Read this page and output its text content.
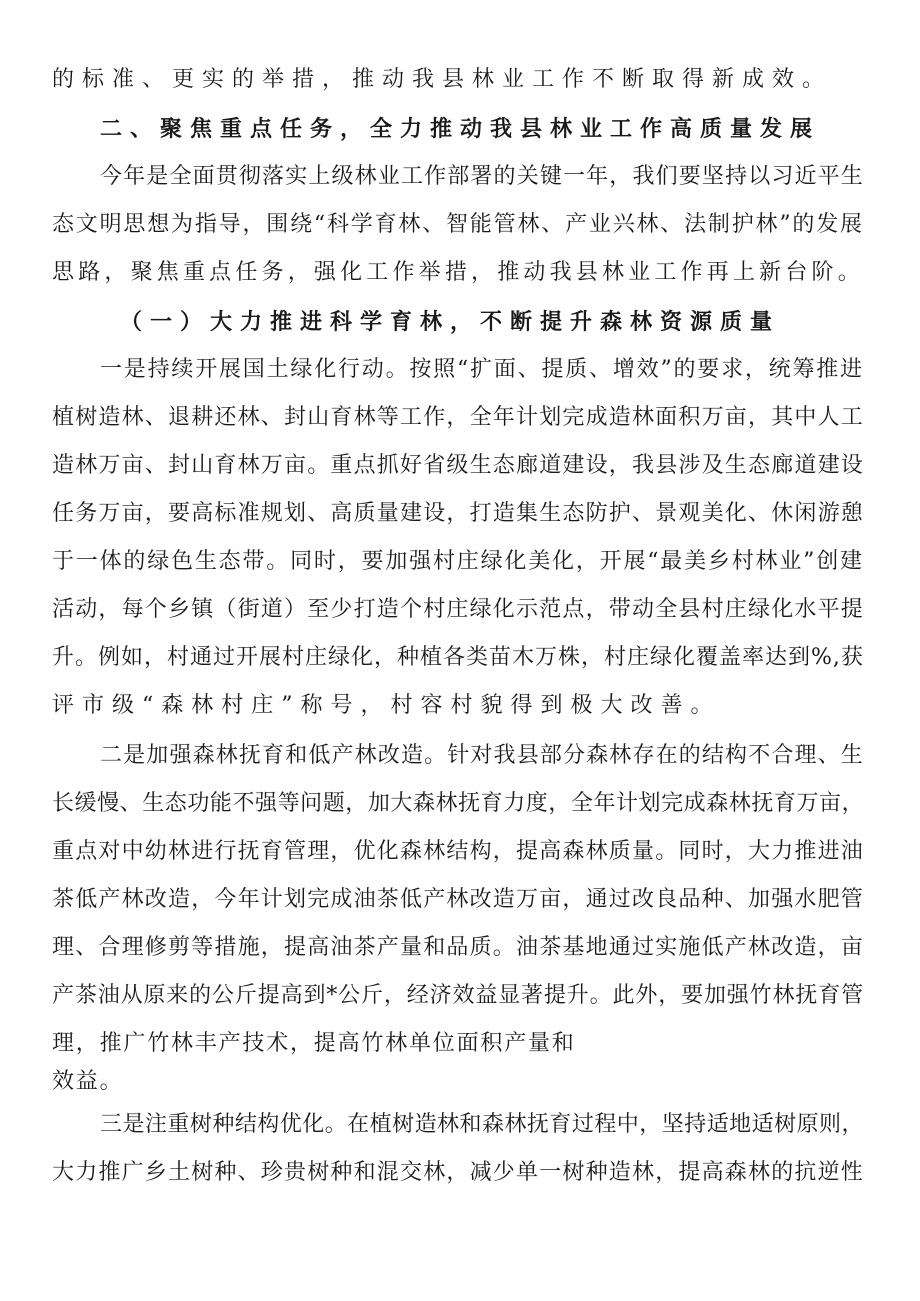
的标准、更实的举措，推动我县林业工作不断取得新成效。
二、聚焦重点任务，全力推动我县林业工作高质量发展
今年是全面贯彻落实上级林业工作部署的关键一年，我们要坚持以习近平生
态文明思想为指导，围绕“科学育林、智能管林、产业兴林、法制护林”的发展
思路，聚焦重点任务，强化工作举措，推动我县林业工作再上新台阶。
（一）大力推进科学育林，不断提升森林资源质量
一是持续开展国土绿化行动。按照“扩面、提质、增效”的要求，统筹推进
植树造林、退耕还林、封山育林等工作，全年计划完成造林面积万亩，其中人工
造林万亩、封山育林万亩。重点抓好省级生态廊道建设，我县涉及生态廊道建设
任务万亩，要高标准规划、高质量建设，打造集生态防护、景观美化、休闲游憩
于一体的绿色生态带。同时，要加强村庄绿化美化，开展“最美乡村林业”创建
活动，每个乡镇（街道）至少打造个村庄绿化示范点，带动全县村庄绿化水平提
升。例如，村通过开展村庄绿化，种植各类苗木万株，村庄绿化覆盖率达到%,获
评市级“森林村庄”称号，村容村貌得到极大改善。
二是加强森林抚育和低产林改造。针对我县部分森林存在的结构不合理、生
长缓慢、生态功能不强等问题，加大森林抚育力度，全年计划完成森林抚育万亩，
重点对中幼林进行抚育管理，优化森林结构，提高森林质量。同时，大力推进油
茶低产林改造，今年计划完成油茶低产林改造万亩，通过改良品种、加强水肥管
理、合理修剪等措施，提高油茶产量和品质。油茶基地通过实施低产林改造，亩
产茶油从原来的公斤提高到*公斤，经济效益显著提升。此外，要加强竹林抚育管
理，推广竹林丰产技术，提高竹林单位面积产量和
效益。
三是注重树种结构优化。在植树造林和森林抚育过程中，坚持适地适树原则，
大力推广乡土树种、珍贵树种和混交林，减少单一树种造林，提高森林的抗逆性
